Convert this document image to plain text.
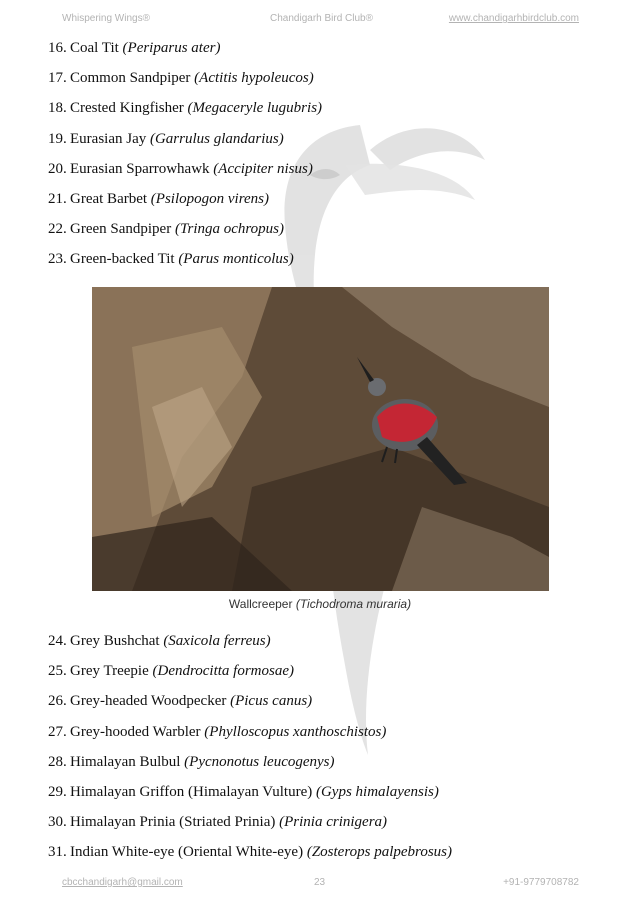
Whispering Wings®	Chandigarh Bird Club®	www.chandigarhbirdclub.com
16. Coal Tit (Periparus ater)
17. Common Sandpiper (Actitis hypoleucos)
18. Crested Kingfisher (Megaceryle lugubris)
19. Eurasian Jay (Garrulus glandarius)
20. Eurasian Sparrowhawk (Accipiter nisus)
21. Great Barbet (Psilopogon virens)
22. Green Sandpiper (Tringa ochropus)
23. Green-backed Tit (Parus monticolus)
Wallcreeper (Tichodroma muraria)
24. Grey Bushchat (Saxicola ferreus)
25. Grey Treepie (Dendrocitta formosae)
26. Grey-headed Woodpecker (Picus canus)
27. Grey-hooded Warbler (Phylloscopus xanthoschistos)
28. Himalayan Bulbul (Pycnonotus leucogenys)
29. Himalayan Griffon (Himalayan Vulture) (Gyps himalayensis)
30. Himalayan Prinia (Striated Prinia) (Prinia crinigera)
31. Indian White-eye (Oriental White-eye) (Zosterops palpebrosus)
cbcchandigarh@gmail.com	23	+91-9779708782
